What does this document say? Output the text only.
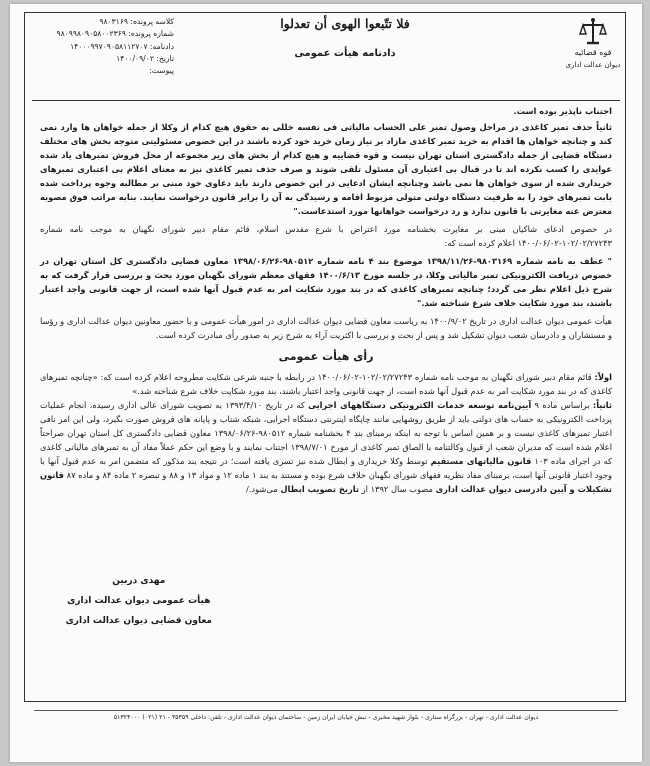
قوه قضائیه
دیوان عدالت اداری
فلا تتّبعوا الهوی أن تعدلوا
دادنامه هیأت عمومی
کلاسه پرونده: ۹۸۰۳۱۶۹
شماره پرونده: ۹۸۰۹۹۸۰۹۰۵۸۰۰۲۳۶۹
دادنامه: ۱۴۰۰۰۹۹۷۰۹۰۵۸۱۱۲۷۰۷
تاریخ: ۱۴۰۰/۰۹/۰۲
پیوست:

اجتناب ناپذیر بوده است.

ثانیاً حذف تمبر کاغذی در مراحل وصول تمبر علی الحساب مالیاتی فی نفسه خللی به حقوق هیچ کدام از وکلا از جمله خواهان ها وارد نمی کند و چنانچه خواهان ها اقدام به خرید تمبر کاغذی مازاد بر نیاز زمان خرید خود کرده باشند در این خصوص مسئولیتی متوجه بخش های مختلف دستگاه قضایی از جمله دادگستری استان تهران نیست و قوه قضاییه و هیچ کدام از بخش های زیر مجموعه از محل فروش تمبرهای یاد شده عوایدی را کسب نکرده اند تا در قبال بی اعتباری آن مسئول تلقی شوند و صرف حذف تمبر کاغذی نیز به معنای اعلام بی اعتباری تمبرهای خریداری شده از سوی خواهان ها نمی باشد وچنانچه ایشان ادعایی در این خصوص دارند باید دعاوی خود مبنی بر مطالبه وجوه پرداخت شده بابت تمبرهای خود را به طرفیت دستگاه دولتی متولی مربوط اقامه و رسیدگی به آن را برابر قانون درخواست نمایند. بنابه مراتب فوق مصوبه معترض عنه مغایرتی با قانون ندارد و رد درخواست خواهانها مورد استدعاست."

در خصوص ادعای شاکیان مبنی بر مغایرت بخشنامه مورد اعتراض با شرع مقدس اسلام، قائم مقام دبیر شورای نگهبان به موجب نامه شماره ۱۰۲/۰۲/۲۷۲۴۳-۱۴۰۰/۰۶/۰۲ اعلام کرده است که:

" عطف به نامه شماره ۹۸۰۳۱۶۹-۱۳۹۸/۱۱/۲۶ موضوع بند ۴ نامه شماره ۹۸۰۵۱۲-۱۳۹۸/۰۶/۲۶ معاون قضایی دادگستری کل استان تهران در خصوص دریافت الکترونیکی تمبر مالیاتی وکلا، در جلسه مورخ ۱۴۰۰/۶/۱۳ فقهای معظم شورای نگهبان مورد بحث و بررسی قرار گرفت که به شرح ذیل اعلام نظر می گردد؛ چنانچه تمبرهای کاغذی که در بند مورد شکایت امر به عدم قبول آنها شده است، از جهت قانونی واجد اعتبار باشند، بند مورد شکایت خلاف شرع شناخته شد."

هیأت عمومی دیوان عدالت اداری در تاریخ ۱۴۰۰/۹/۰۲ به ریاست معاون قضایی دیوان عدالت اداری در امور هیأت عمومی و با حضور معاونین دیوان عدالت اداری و رؤسا و مستشاران و دادرسان شعب دیوان تشکیل شد و پس از بحث و بررسی با اکثریت آراء به شرح زیر به صدور رأی مبادرت کرده است.

رأی هیأت عمومی

اولاً: قائم مقام دبیر شورای نگهبان به موجب نامه شماره ۱۰۲/۰۲/۲۷۲۴۳-۱۴۰۰/۰۶/۰۲ در رابطه با جنبه شرعی شکایت مطروحه اعلام کرده است که: «چنانچه تمبرهای کاغذی که در بند مورد شکایت امر به عدم قبول آنها شده است، از جهت قانونی واجد اعتبار باشند، بند مورد شکایت خلاف شرع شناخته شد.»

ثانیاً: براساس ماده ۹ آیین‌نامه توسعه خدمات الکترونیکی دستگاههای اجرایی که در تاریخ ۱۳۹۳/۴/۱۰ به تصویب شورای عالی اداری رسیده، انجام عملیات پرداخت الکترونیکی به حساب های دولتی باید از طریق روشهایی مانند چاپگاه اینترنتی دستگاه اجرایی، شبکه شتاب و پایانه های فروش صورت بگیرد، ولی این امر نافی اعتبار تمبرهای کاغذی نیست و بر همین اساس با توجه به اینکه برمبنای بند ۴ بخشنامه شماره ۹۸۰۵۱۲-۱۳۹۸/۰۶/۲۶ معاون قضایی دادگستری کل استان تهران صراحتاً اعلام شده است که مدیران شعب از قبول وکالتنامه با الصاق تمبر کاغذی از مورخ ۱۳۹۸/۷/۰۱ اجتناب نمایند و با وضع این حکم عملاً مفاد آن به تمبرهای مالیاتی کاغذی که در اجرای ماده ۱۰۳ قانون مالیاتهای مستقیم توسط وکلا خریداری و ابطال شده نیز تسری یافته است؛ در نتیجه بند مذکور که متضمن امر به عدم قبول آنها با وجود اعتبار قانونی آنها است، برمبنای مفاد نظریه فقهای شورای نگهبان خلاف شرع بوده و مستند به بند ۱ ماده ۱۲ و مواد ۱۳ و ۸۸ و تبصره ۲ ماده ۸۴ و ماده ۸۷ قانون تشکیلات و آیین دادرسی دیوان عدالت اداری مصوب سال ۱۳۹۲ از تاریخ تصویب ابطال می‌شود./

مهدی دربین
هیأت عمومی دیوان عدالت اداری
معاون قضایی دیوان عدالت اداری
دیوان عدالت اداری - تهران - بزرگراه ستاری - بلوار شهید مخبری - نبش خیابان ایران زمین - ساختمان دیوان عدالت اداری - تلفن: داخلی ۳۵۳۵۹ - ۲۱ (۰۲۱) ۵۱۳۲۴۰۰۰
